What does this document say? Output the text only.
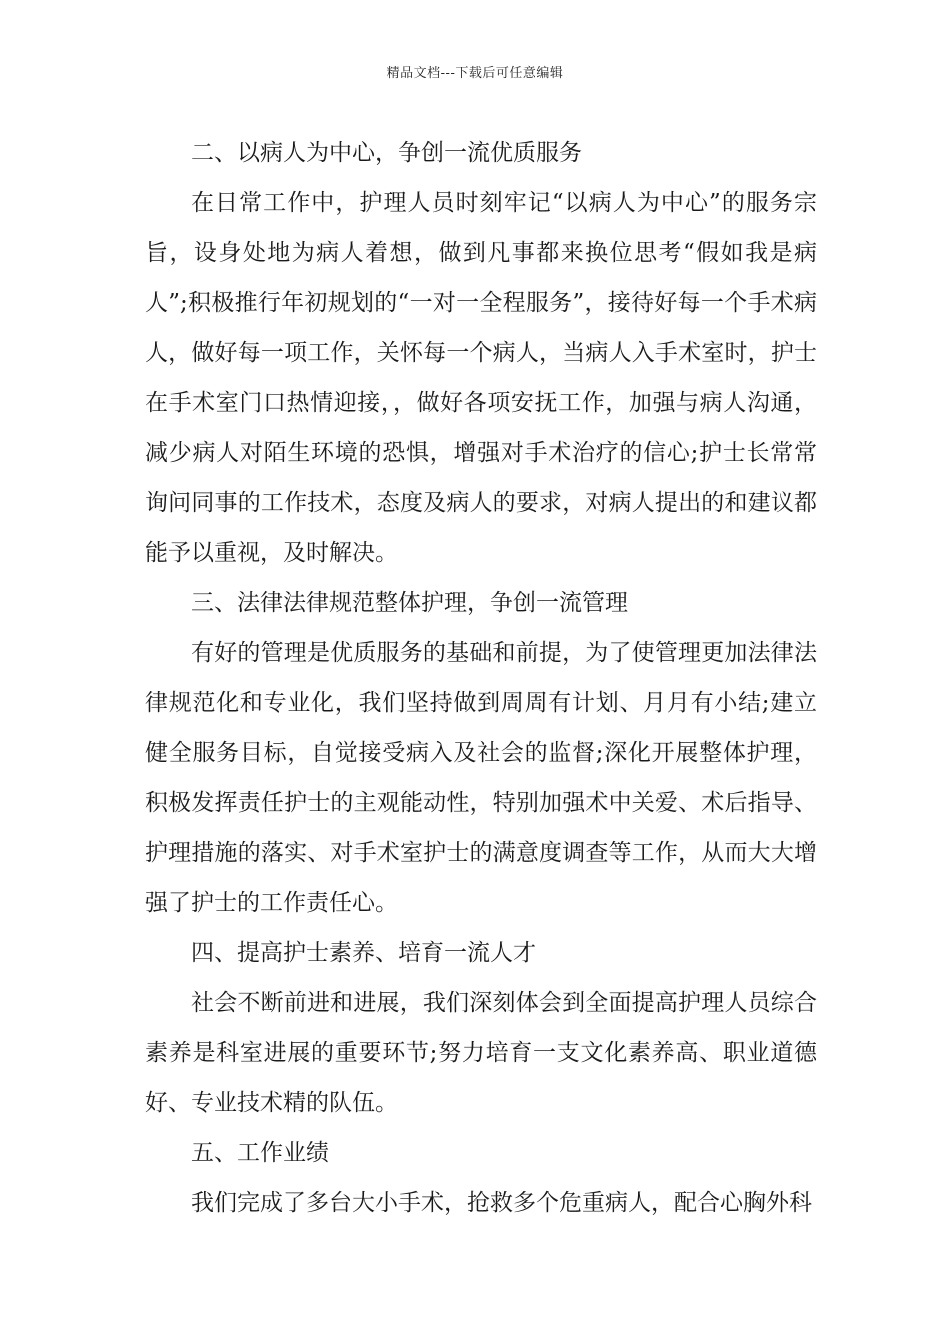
精品文档---下载后可任意编辑

二、以病人为中心，争创一流优质服务

在日常工作中，护理人员时刻牢记“以病人为中心”的服务宗旨，设身处地为病人着想，做到凡事都来换位思考“假如我是病人”;积极推行年初规划的“一对一全程服务”，接待好每一个手术病人，做好每一项工作，关怀每一个病人，当病人入手术室时，护士在手术室门口热情迎接，，做好各项安抚工作，加强与病人沟通，减少病人对陌生环境的恐惧，增强对手术治疗的信心;护士长常常询问同事的工作技术，态度及病人的要求，对病人提出的和建议都能予以重视，及时解决。

三、法律法律规范整体护理，争创一流管理

有好的管理是优质服务的基础和前提，为了使管理更加法律法律规范化和专业化，我们坚持做到周周有计划、月月有小结;建立健全服务目标，自觉接受病入及社会的监督;深化开展整体护理，积极发挥责任护士的主观能动性，特别加强术中关爱、术后指导、护理措施的落实、对手术室护士的满意度调查等工作，从而大大增强了护士的工作责任心。

四、提高护士素养、培育一流人才

社会不断前进和进展，我们深刻体会到全面提高护理人员综合素养是科室进展的重要环节;努力培育一支文化素养高、职业道德好、专业技术精的队伍。

五、工作业绩

我们完成了多台大小手术，抢救多个危重病人，配合心胸外科
